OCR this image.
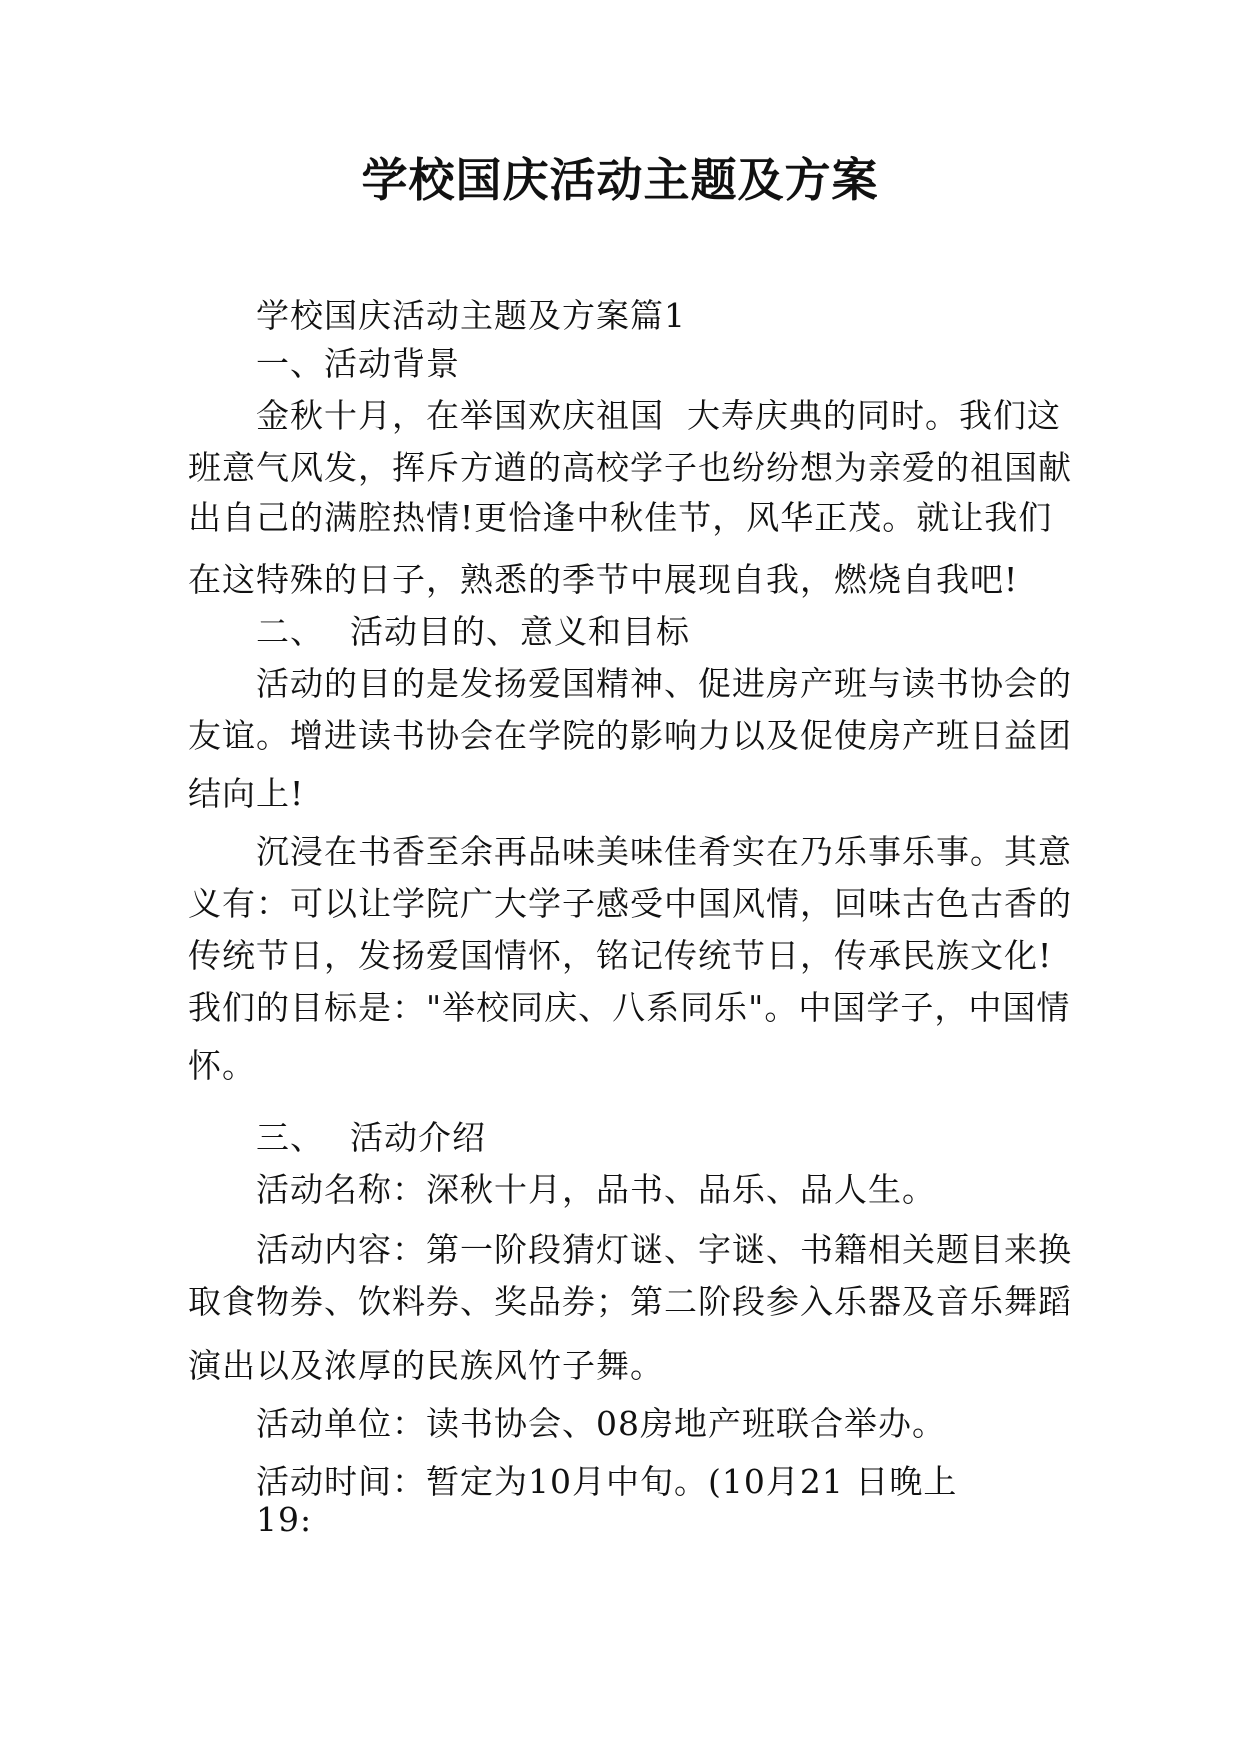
学校国庆活动主题及方案
学校国庆活动主题及方案篇1
一、活动背景
金秋十月，在举国欢庆祖国  大寿庆典的同时。我们这
班意气风发，挥斥方遒的高校学子也纷纷想为亲爱的祖国献
出自己的满腔热情!更恰逢中秋佳节，风华正茂。就让我们
在这特殊的日子，熟悉的季节中展现自我，燃烧自我吧!
二、 活动目的、意义和目标
活动的目的是发扬爱国精神、促进房产班与读书协会的
友谊。增进读书协会在学院的影响力以及促使房产班日益团
结向上!
沉浸在书香至余再品味美味佳肴实在乃乐事乐事。其意
义有：可以让学院广大学子感受中国风情，回味古色古香的
传统节日，发扬爱国情怀，铭记传统节日，传承民族文化!
我们的目标是："举校同庆、八系同乐"。中国学子，中国情
怀。
三、 活动介绍
活动名称：深秋十月，品书、品乐、品人生。
活动内容：第一阶段猜灯谜、字谜、书籍相关题目来换
取食物券、饮料券、奖品券；第二阶段参入乐器及音乐舞蹈
演出以及浓厚的民族风竹子舞。
活动单位：读书协会、08房地产班联合举办。
活动时间：暂定为10月中旬。(10月21 日晚上
19:
